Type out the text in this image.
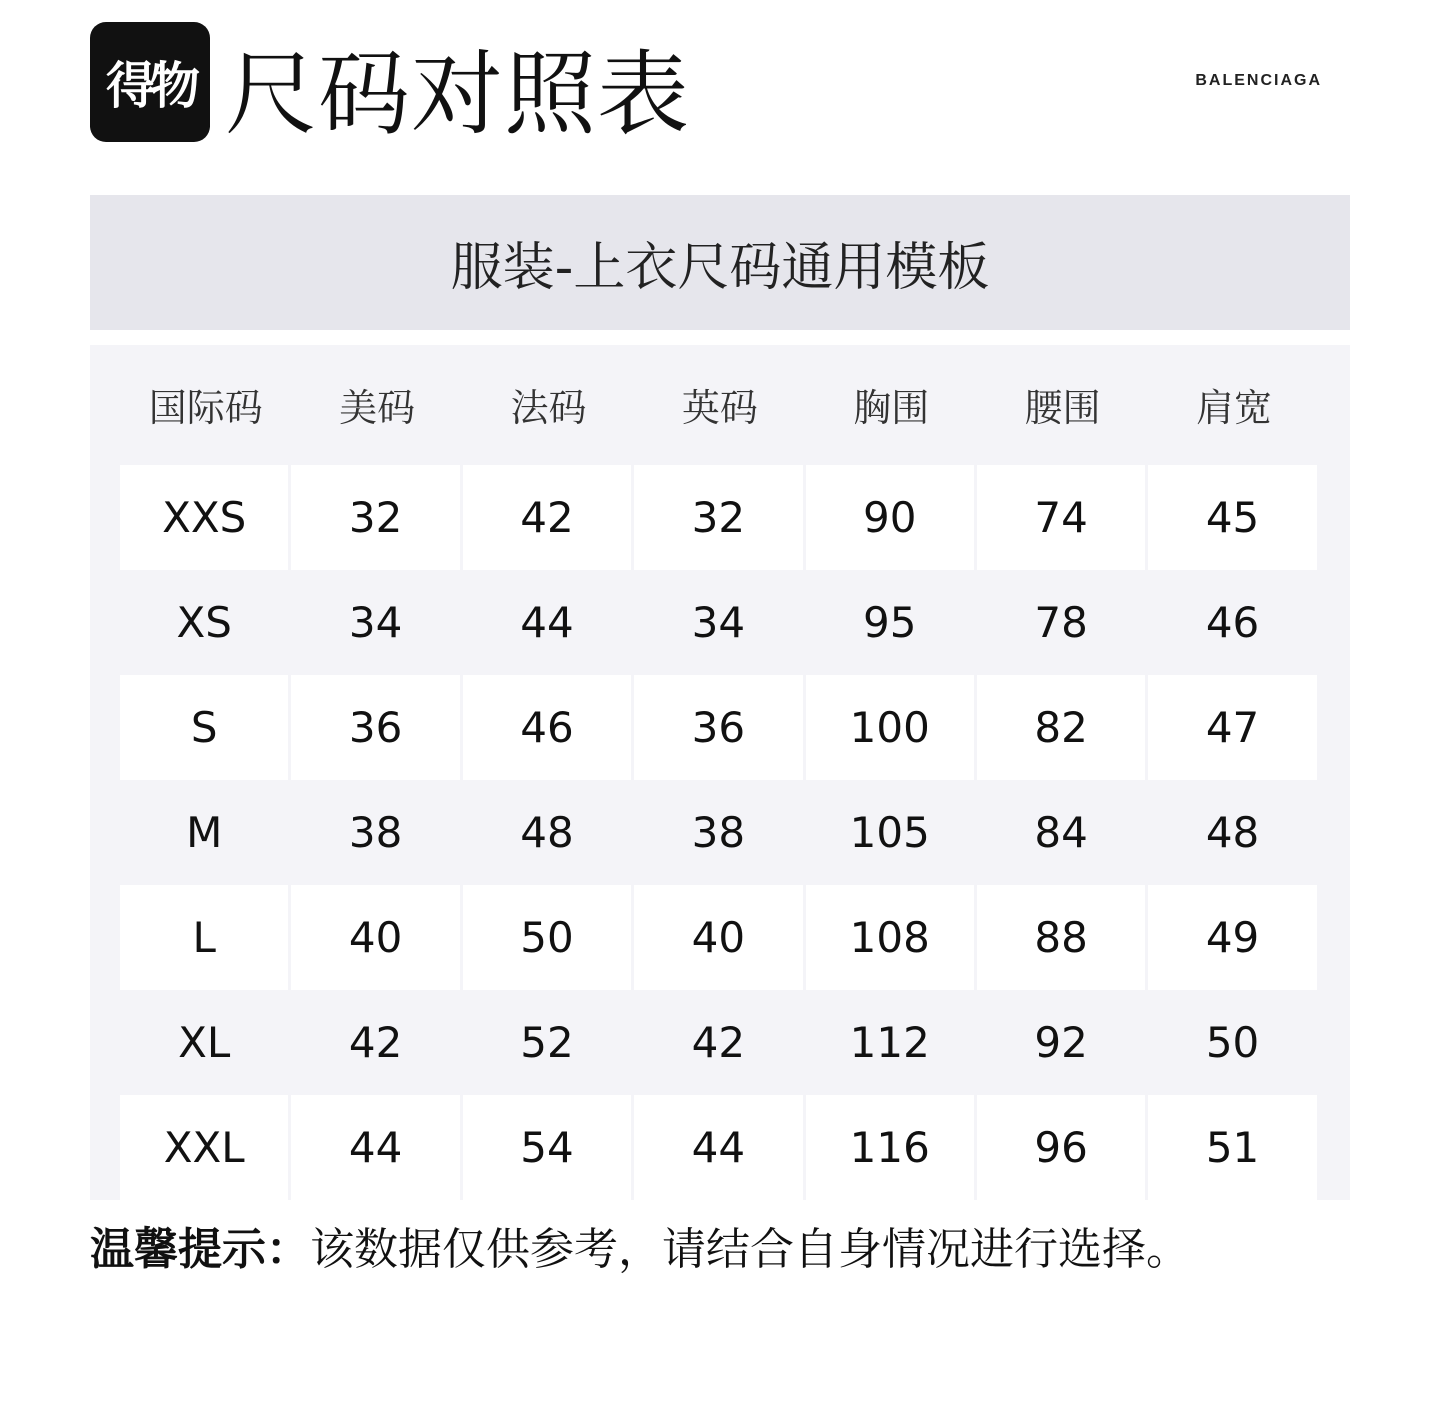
得物 尺码对照表	BALENCIAGA
服装-上衣尺码通用模板
国际码	美码	法码	英码	胸围	腰围	肩宽
XXS	32	42	32	90	74	45
XS	34	44	34	95	78	46
S	36	46	36	100	82	47
M	38	48	38	105	84	48
L	40	50	40	108	88	49
XL	42	52	42	112	92	50
XXL	44	54	44	116	96	51
温馨提示：该数据仅供参考，请结合自身情况进行选择。
